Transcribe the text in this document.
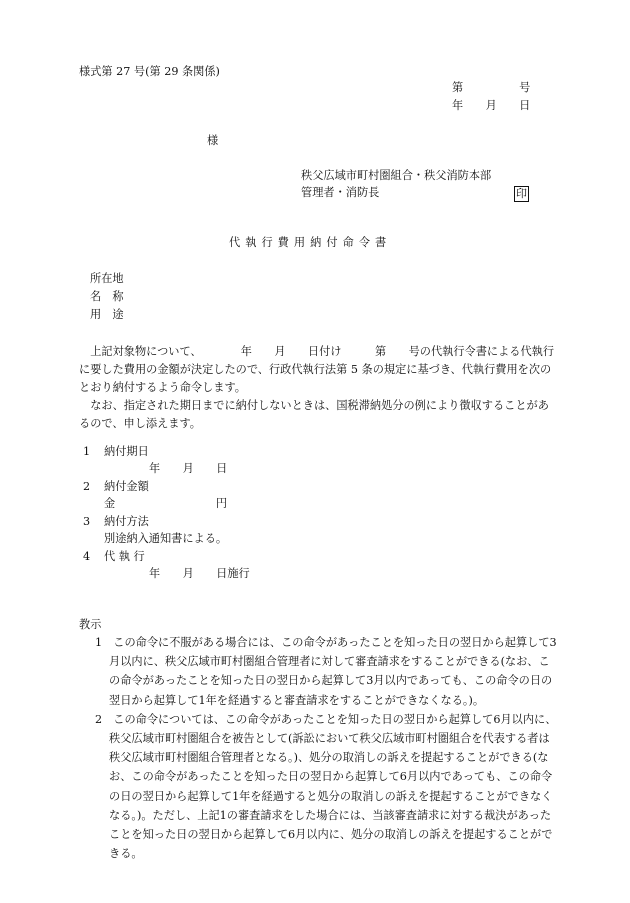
様式第 27 号(第 29 条関係)
第　　　　　号
年　　月　　日
様
秩父広域市町村圏組合・秩父消防本部
管理者・消防長	印
代執行費用納付命令書
所在地
名　称
用　途

上記対象物について、　　　　年　　月　　日付け　　　第　　号の代執行令書による代執行に要した費用の金額が決定したので、行政代執行法第 5 条の規定に基づき、代執行費用を次のとおり納付するよう命令します。

なお、指定された期日までに納付しないときは、国税滞納処分の例により徴収することがあるので、申し添えます。

1 納付期日
年　　月　　日
2 納付金額
金　　　　　　　　　円
3 納付方法
別途納入通知書による。
4 代 執 行
年　　月　　日施行
教示

1　この命令に不服がある場合には、この命令があったことを知った日の翌日から起算して3月以内に、秩父広域市町村圏組合管理者に対して審査請求をすることができる(なお、この命令があったことを知った日の翌日から起算して3月以内であっても、この命令の日の翌日から起算して1年を経過すると審査請求をすることができなくなる。)。

2　この命令については、この命令があったことを知った日の翌日から起算して6月以内に、秩父広域市町村圏組合を被告として(訴訟において秩父広域市町村圏組合を代表する者は秩父広域市町村圏組合管理者となる。)、処分の取消しの訴えを提起することができる(なお、この命令があったことを知った日の翌日から起算して6月以内であっても、この命令の日の翌日から起算して1年を経過すると処分の取消しの訴えを提起することができなくなる。)。ただし、上記1の審査請求をした場合には、当該審査請求に対する裁決があったことを知った日の翌日から起算して6月以内に、処分の取消しの訴えを提起することができる。
